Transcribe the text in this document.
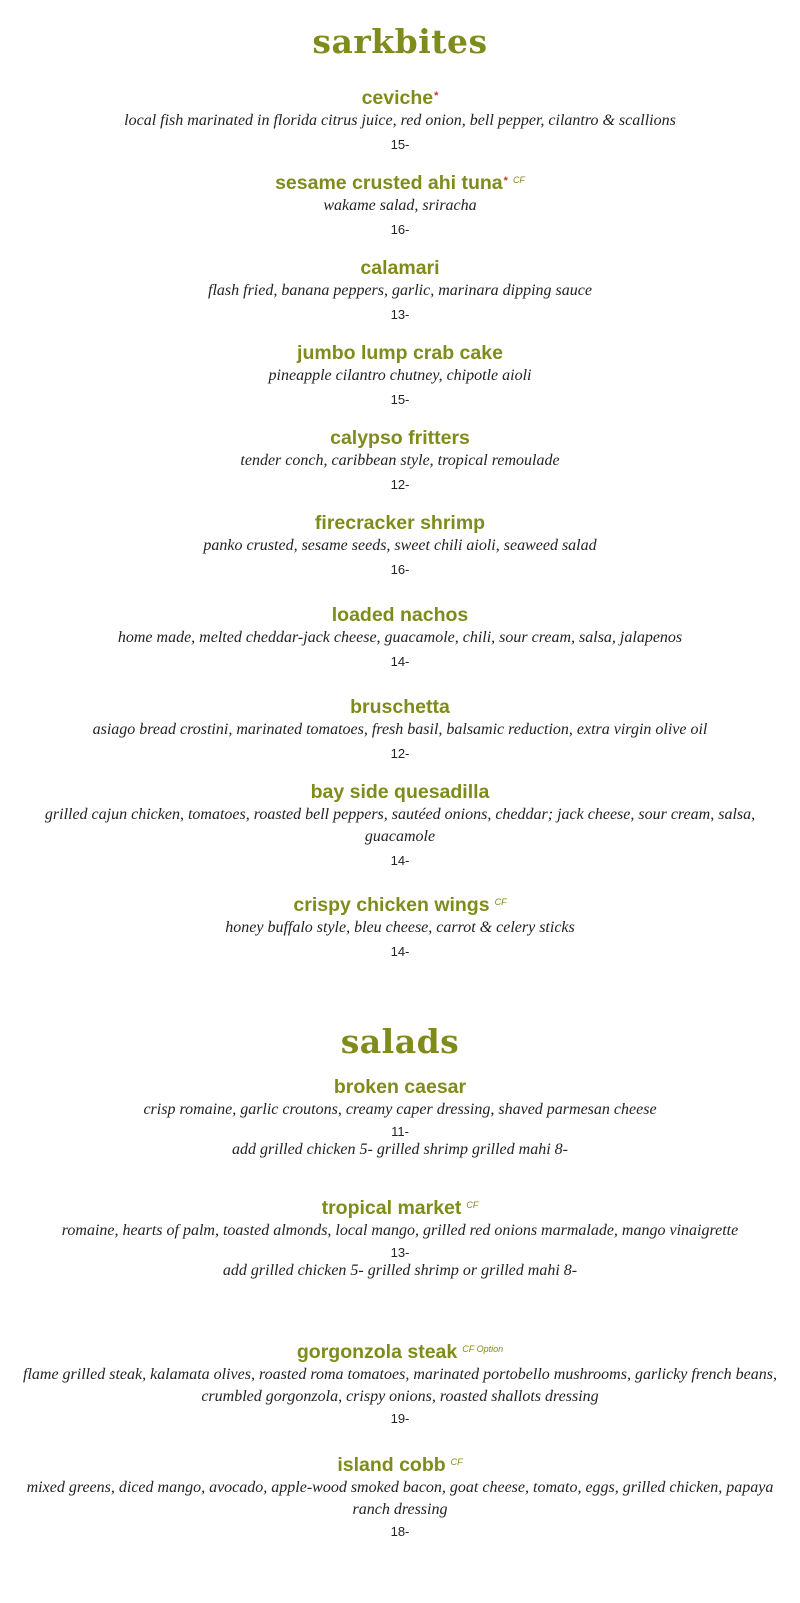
sarkbites
ceviche*
local fish marinated in florida citrus juice, red onion, bell pepper, cilantro & scallions
15-
sesame crusted ahi tuna* $^{CF}$
wakame salad, sriracha
16-
calamari
flash fried, banana peppers, garlic, marinara dipping sauce
13-
jumbo lump crab cake
pineapple cilantro chutney, chipotle aioli
15-
calypso fritters
tender conch, caribbean style, tropical remoulade
12-
firecracker shrimp
panko crusted, sesame seeds, sweet chili aioli, seaweed salad
16-
loaded nachos
home made, melted cheddar-jack cheese, guacamole, chili, sour cream, salsa, jalapenos
14-
bruschetta
asiago bread crostini, marinated tomatoes, fresh basil, balsamic reduction, extra virgin olive oil
12-
bay side quesadilla
grilled cajun chicken, tomatoes, roasted bell peppers, sautéed onions, cheddar; jack cheese, sour cream, salsa, guacamole
14-
crispy chicken wings $^{CF}$
honey buffalo style, bleu cheese, carrot & celery sticks
14-
salads
broken caesar
crisp romaine, garlic croutons, creamy caper dressing, shaved parmesan cheese
11-
add grilled chicken 5- grilled shrimp grilled mahi 8-
tropical market $^{CF}$
romaine, hearts of palm, toasted almonds, local mango, grilled red onions marmalade, mango vinaigrette
13-
add grilled chicken 5- grilled shrimp or grilled mahi 8-
gorgonzola steak $^{CF Option}$
flame grilled steak, kalamata olives, roasted roma tomatoes, marinated portobello mushrooms, garlicky french beans, crumbled gorgonzola, crispy onions, roasted shallots dressing
19-
island cobb $^{CF}$
mixed greens, diced mango, avocado, apple-wood smoked bacon, goat cheese, tomato, eggs, grilled chicken, papaya ranch dressing
18-
